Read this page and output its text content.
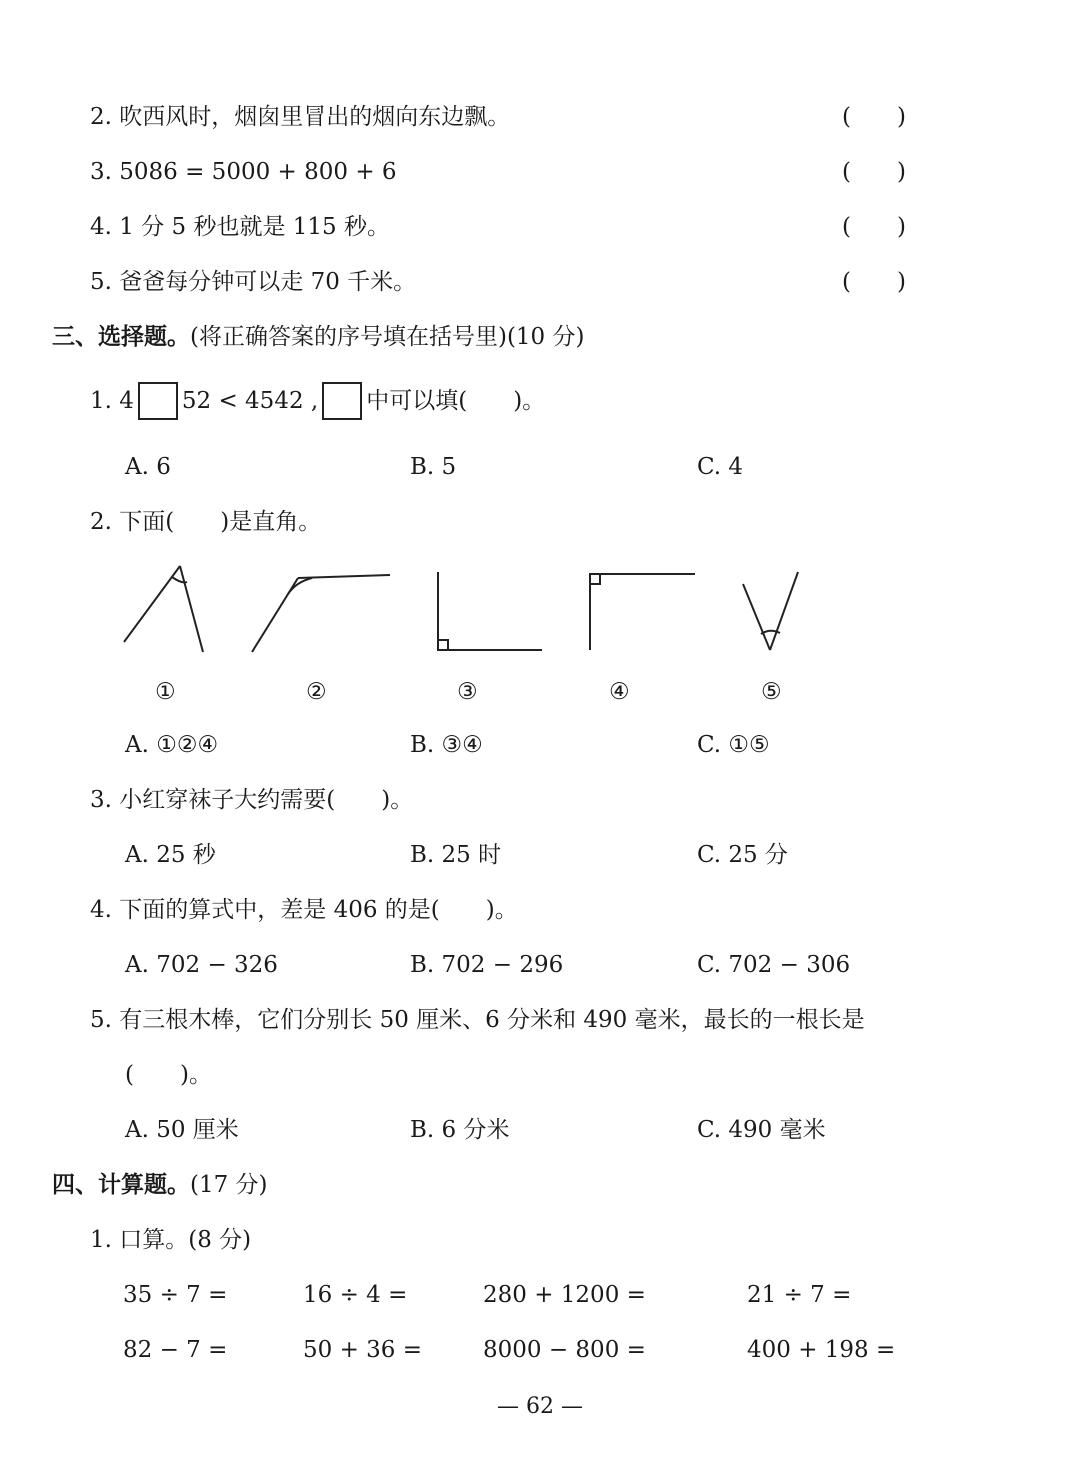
2. 吹西风时，烟囱里冒出的烟向东边飘。	(　　)
3. 5086 = 5000 + 800 + 6	(　　)
4. 1 分 5 秒也就是 115 秒。	(　　)
5. 爸爸每分钟可以走 70 千米。	(　　)
三、选择题。(将正确答案的序号填在括号里)(10 分)
1. 4 52 < 4542 , 中可以填(　　)。
A. 6	B. 5	C. 4
2. 下面(　　)是直角。
①	②	③	④	⑤
A. ①②④	B. ③④	C. ①⑤
3. 小红穿袜子大约需要(　　)。
A. 25 秒	B. 25 时	C. 25 分
4. 下面的算式中，差是 406 的是(　　)。
A. 702 − 326	B. 702 − 296	C. 702 − 306
5. 有三根木棒，它们分别长 50 厘米、6 分米和 490 毫米，最长的一根长是
(　　)。
A. 50 厘米	B. 6 分米	C. 490 毫米
四、计算题。(17 分)
1. 口算。(8 分)
35 ÷ 7 =	16 ÷ 4 =	280 + 1200 =	21 ÷ 7 =
82 − 7 =	50 + 36 =	8000 − 800 =	400 + 198 =
— 62 —
